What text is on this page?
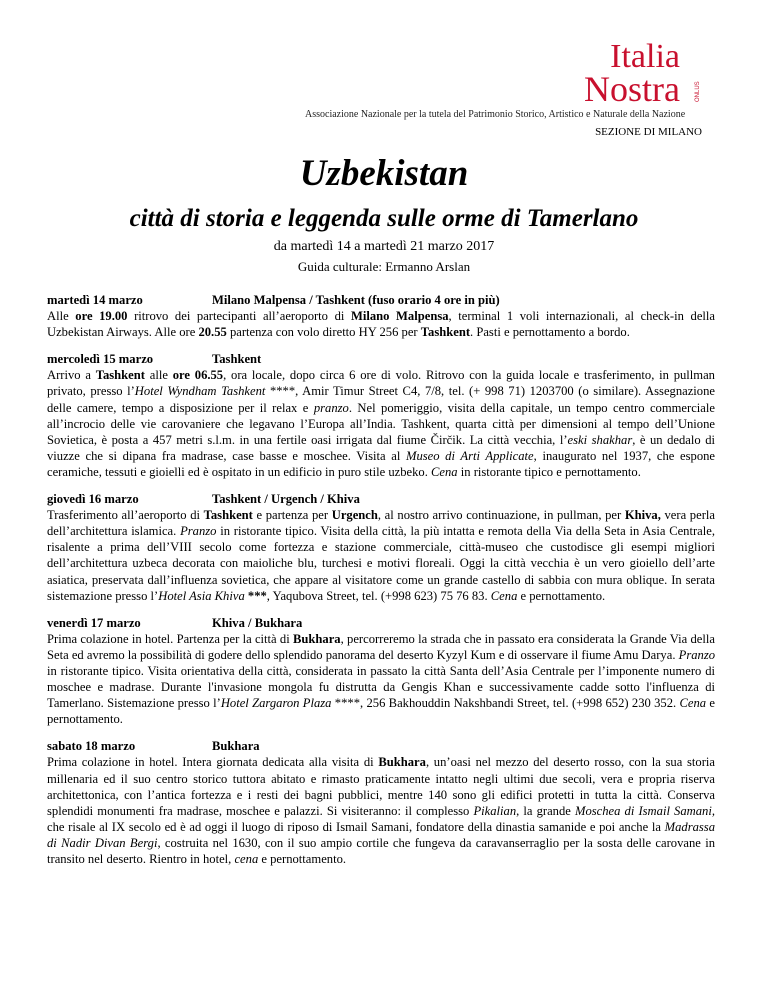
Italia
Nostra	ONLUS
Associazione Nazionale per la tutela del Patrimonio Storico, Artistico e Naturale della Nazione
SEZIONE DI MILANO
Uzbekistan
città di storia e leggenda sulle orme di Tamerlano
da martedì 14 a martedì 21 marzo 2017
Guida culturale: Ermanno Arslan
martedì 14 marzo	Milano Malpensa / Tashkent (fuso orario 4 ore in più)

Alle ore 19.00 ritrovo dei partecipanti all’aeroporto di Milano Malpensa, terminal 1 voli internazionali, al check-in della Uzbekistan Airways. Alle ore 20.55 partenza con volo diretto HY 256 per Tashkent. Pasti e pernottamento a bordo.

mercoledì 15 marzo	Tashkent

Arrivo a Tashkent alle ore 06.55, ora locale, dopo circa 6 ore di volo. Ritrovo con la guida locale e trasferimento, in pullman privato, presso l’Hotel Wyndham Tashkent ****, Amir Timur Street C4, 7/8, tel. (+ 998 71) 1203700 (o similare). Assegnazione delle camere, tempo a disposizione per il relax e pranzo. Nel pomeriggio, visita della capitale, un tempo centro commerciale all’incrocio delle vie carovaniere che legavano l’Europa all’India. Tashkent, quarta città per dimensioni al tempo dell’Unione Sovietica, è posta a 457 metri s.l.m. in una fertile oasi irrigata dal fiume Čirčik. La città vecchia, l’eski shakhar, è un dedalo di viuzze che si dipana fra madrase, case basse e moschee. Visita al Museo di Arti Applicate, inaugurato nel 1937, che espone ceramiche, tessuti e gioielli ed è ospitato in un edificio in puro stile uzbeko. Cena in ristorante tipico e pernottamento.

giovedì 16 marzo	Tashkent / Urgench / Khiva

Trasferimento all’aeroporto di Tashkent e partenza per Urgench, al nostro arrivo continuazione, in pullman, per Khiva, vera perla dell’architettura islamica. Pranzo in ristorante tipico. Visita della città, la più intatta e remota della Via della Seta in Asia Centrale, risalente a prima dell’VIII secolo come fortezza e stazione commerciale, città-museo che custodisce gli esempi migliori dell’architettura uzbeca decorata con maioliche blu, turchesi e motivi floreali. Oggi la città vecchia è un vero gioiello dell’arte asiatica, preservata dall’influenza sovietica, che appare al visitatore come un grande castello di sabbia con mura oblique. In serata sistemazione presso l’Hotel Asia Khiva ***, Yaqubova Street, tel. (+998 623) 75 76 83. Cena e pernottamento.

venerdì 17 marzo	Khiva / Bukhara

Prima colazione in hotel. Partenza per la città di Bukhara, percorreremo la strada che in passato era considerata la Grande Via della Seta ed avremo la possibilità di godere dello splendido panorama del deserto Kyzyl Kum e di osservare il fiume Amu Darya. Pranzo in ristorante tipico. Visita orientativa della città, considerata in passato la città Santa dell’Asia Centrale per l’imponente numero di moschee e madrase. Durante l'invasione mongola fu distrutta da Gengis Khan e successivamente cadde sotto l'influenza di Tamerlano. Sistemazione presso l’Hotel Zargaron Plaza ****, 256 Bakhouddin Nakshbandi Street, tel. (+998 652) 230 352. Cena e pernottamento.

sabato 18 marzo	Bukhara

Prima colazione in hotel. Intera giornata dedicata alla visita di Bukhara, un’oasi nel mezzo del deserto rosso, con la sua storia millenaria ed il suo centro storico tuttora abitato e rimasto praticamente intatto negli ultimi due secoli, vera e propria riserva architettonica, con l’antica fortezza e i resti dei bagni pubblici, mentre 140 sono gli edifici protetti in tutta la città. Conserva splendidi monumenti fra madrase, moschee e palazzi. Si visiteranno: il complesso Pikalian, la grande Moschea di Ismail Samani, che risale al IX secolo ed è ad oggi il luogo di riposo di Ismail Samani, fondatore della dinastia samanide e poi anche la Madrassa di Nadir Divan Bergi, costruita nel 1630, con il suo ampio cortile che fungeva da caravanserraglio per la sosta delle carovane in transito nel deserto. Rientro in hotel, cena e pernottamento.
